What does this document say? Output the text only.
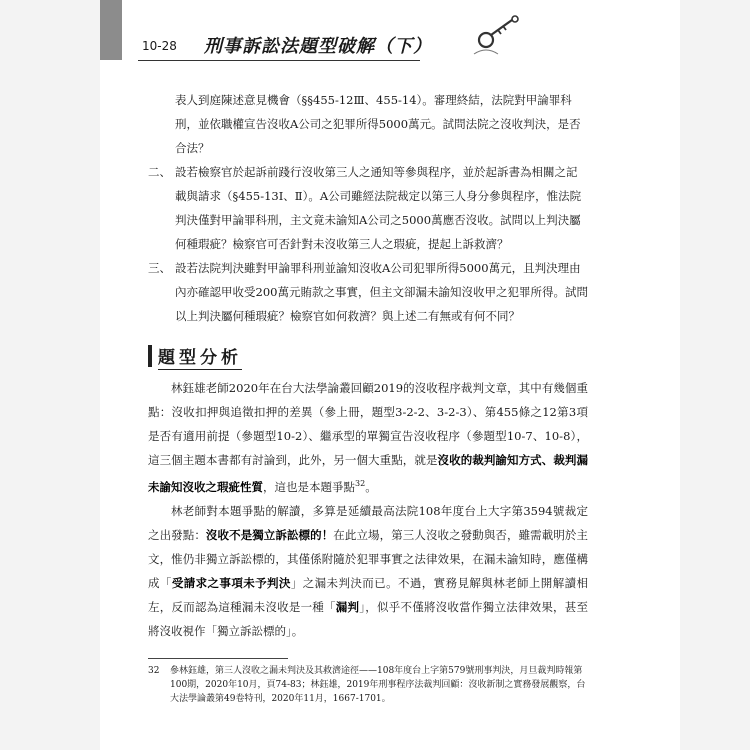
10-28 刑事訴訟法題型破解（下）

表人到庭陳述意見機會（§§455-12Ⅲ、455-14）。審理終結，法院對甲論罪科刑，並依職權宣告沒收A公司之犯罪所得5000萬元。試問法院之沒收判決，是否合法？

二、 設若檢察官於起訴前踐行沒收第三人之通知等參與程序，並於起訴書為相關之記載與請求（§455-13Ⅰ、Ⅱ）。A公司雖經法院裁定以第三人身分參與程序，惟法院判決僅對甲論罪科刑，主文竟未諭知A公司之5000萬應否沒收。試問以上判決屬何種瑕疵？檢察官可否針對未沒收第三人之瑕疵，提起上訴救濟？
三、 設若法院判決雖對甲論罪科刑並諭知沒收A公司犯罪所得5000萬元，且判決理由內亦確認甲收受200萬元賄款之事實，但主文卻漏未諭知沒收甲之犯罪所得。試問以上判決屬何種瑕疵？檢察官如何救濟？與上述二有無或有何不同？
題型分析

林鈺雄老師2020年在台大法學論叢回顧2019的沒收程序裁判文章，其中有幾個重點：沒收扣押與追徵扣押的差異（參上冊，題型3-2-2、3-2-3）、第455條之12第3項是否有適用前提（參題型10-2）、繼承型的單獨宣告沒收程序（參題型10-7、10-8），這三個主題本書都有討論到，此外，另一個大重點，就是沒收的裁判諭知方式、裁判漏未諭知沒收之瑕疵性質，這也是本題爭點$^{32}$。

林老師對本題爭點的解讀，多算是延續最高法院108年度台上大字第3594號裁定之出發點：沒收不是獨立訴訟標的！在此立場，第三人沒收之發動與否，雖需載明於主文，惟仍非獨立訴訟標的，其僅係附隨於犯罪事實之法律效果，在漏未諭知時，應僅構成「受請求之事項未予判決」之漏未判決而已。不過，實務見解與林老師上開解讀相左，反而認為這種漏未沒收是一種「漏判」，似乎不僅將沒收當作獨立法律效果，甚至將沒收視作「獨立訴訟標的」。

32	參林鈺雄，第三人沒收之漏未判決及其救濟途徑——108年度台上字第579號刑事判決，月旦裁判時報第100期，2020年10月，頁74-83；林鈺雄，2019年刑事程序法裁判回顧：沒收新制之實務發展觀察，台大法學論叢第49卷特刊，2020年11月，1667-1701。
